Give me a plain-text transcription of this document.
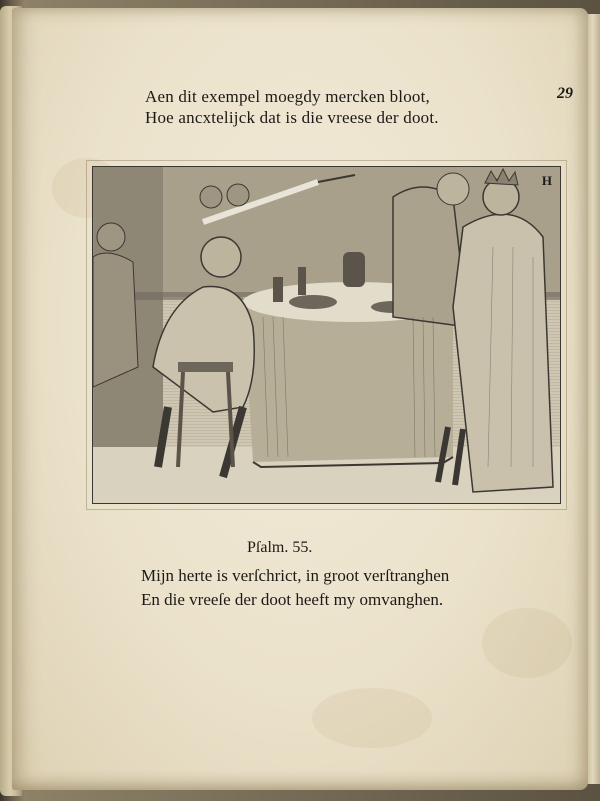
29
Aen dit exempel moegdy mercken bloot,
Hoe ancxtelijck dat is die vreese der doot.
H
Pſalm. 55.
Mijn herte is verſchrict, in groot verſtranghen
En die vreeſe der doot heeft my omvanghen.
